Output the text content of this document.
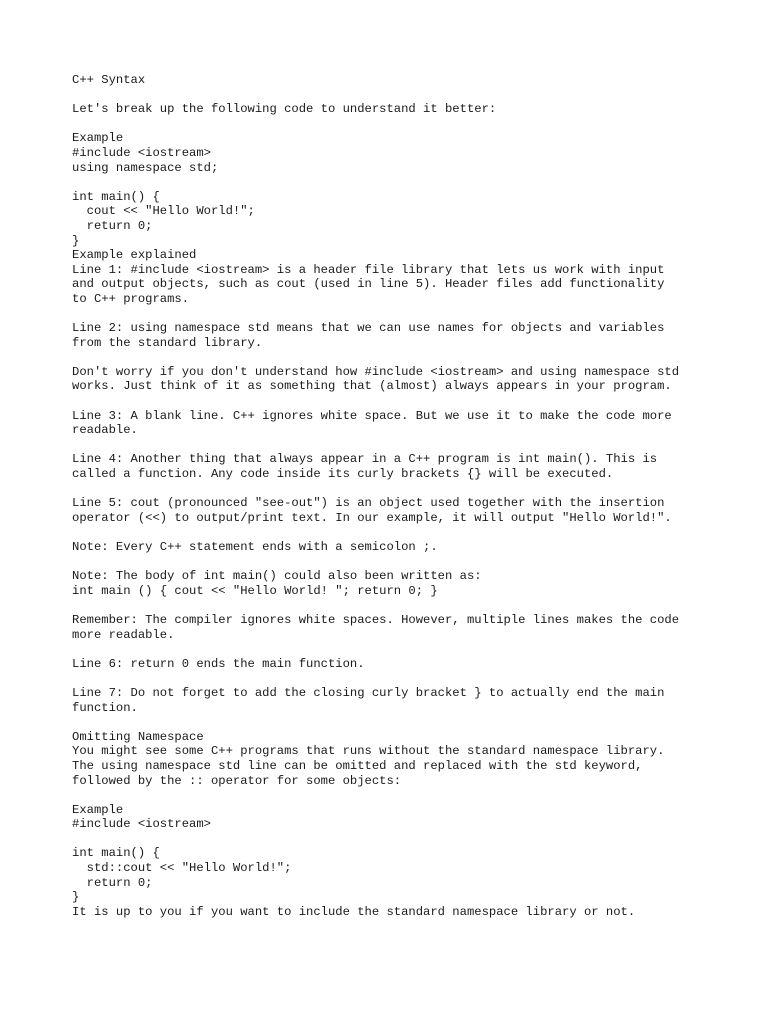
C++ Syntax
Let's break up the following code to understand it better:
Example
#include <iostream>
using namespace std;
int main() {
cout << "Hello World!";
return 0;
}
Example explained
Line 1: #include <iostream> is a header file library that lets us work with input
and output objects, such as cout (used in line 5). Header files add functionality
to C++ programs.
Line 2: using namespace std means that we can use names for objects and variables
from the standard library.
Don't worry if you don't understand how #include <iostream> and using namespace std
works. Just think of it as something that (almost) always appears in your program.
Line 3: A blank line. C++ ignores white space. But we use it to make the code more
readable.
Line 4: Another thing that always appear in a C++ program is int main(). This is
called a function. Any code inside its curly brackets {} will be executed.
Line 5: cout (pronounced "see-out") is an object used together with the insertion
operator (<<) to output/print text. In our example, it will output "Hello World!".
Note: Every C++ statement ends with a semicolon ;.
Note: The body of int main() could also been written as:
int main () { cout << "Hello World! "; return 0; }
Remember: The compiler ignores white spaces. However, multiple lines makes the code
more readable.
Line 6: return 0 ends the main function.
Line 7: Do not forget to add the closing curly bracket } to actually end the main
function.
Omitting Namespace
You might see some C++ programs that runs without the standard namespace library.
The using namespace std line can be omitted and replaced with the std keyword,
followed by the :: operator for some objects:
Example
#include <iostream>
int main() {
std::cout << "Hello World!";
return 0;
}
It is up to you if you want to include the standard namespace library or not.
